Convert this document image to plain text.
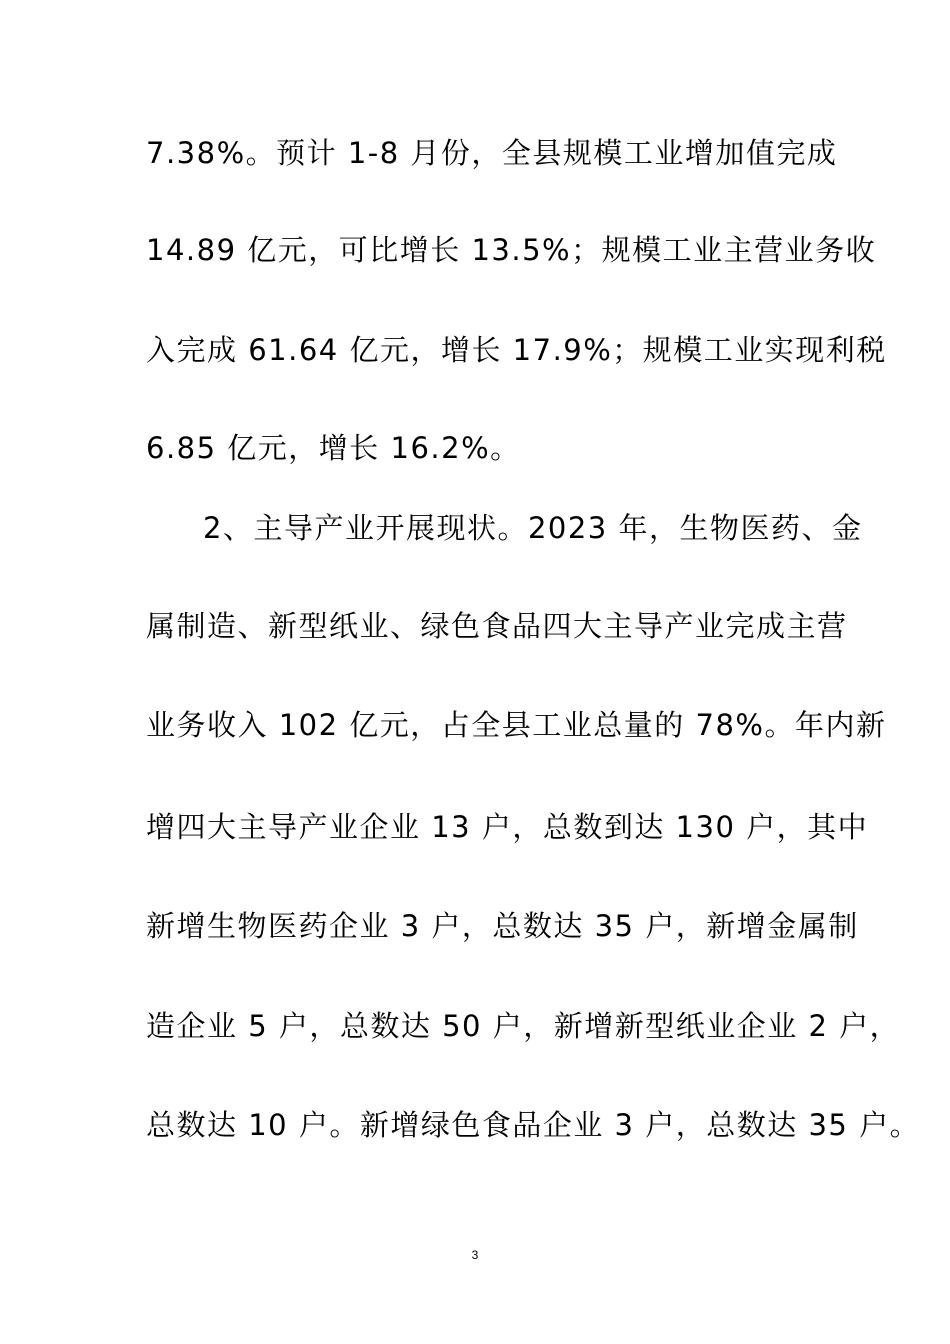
7.38%。预计 1-8 月份，全县规模工业增加值完成
14.89 亿元，可比增长 13.5%；规模工业主营业务收
入完成 61.64 亿元，增长 17.9%；规模工业实现利税
6.85 亿元，增长 16.2%。
2、主导产业开展现状。2023 年，生物医药、金
属制造、新型纸业、绿色食品四大主导产业完成主营
业务收入 102 亿元，占全县工业总量的 78%。年内新
增四大主导产业企业 13 户，总数到达 130 户，其中
新增生物医药企业 3 户，总数达 35 户，新增金属制
造企业 5 户，总数达 50 户，新增新型纸业企业 2 户，
总数达 10 户。新增绿色食品企业 3 户，总数达 35 户。
3
